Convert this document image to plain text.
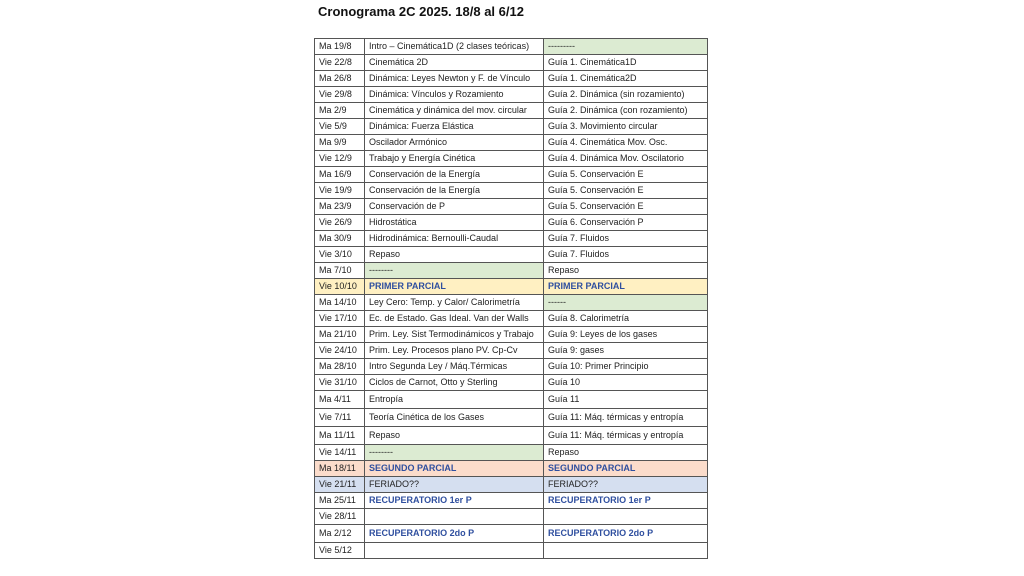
Cronograma 2C 2025. 18/8 al 6/12
Ma 19/8	Intro – Cinemática1D (2 clases teóricas)	---------
Vie 22/8	Cinemática 2D	Guía 1. Cinemática1D
Ma 26/8	Dinámica: Leyes Newton y F. de Vínculo	Guía 1. Cinemática2D
Vie 29/8	Dinámica: Vínculos y Rozamiento	Guía 2. Dinámica (sin rozamiento)
Ma 2/9	Cinemática y dinámica del mov. circular	Guía 2. Dinámica (con rozamiento)
Vie 5/9	Dinámica: Fuerza Elástica	Guía 3. Movimiento circular
Ma 9/9	Oscilador Armónico	Guía 4. Cinemática Mov. Osc.
Vie 12/9	Trabajo y Energía Cinética	Guía 4. Dinámica Mov. Oscilatorio
Ma 16/9	Conservación de la Energía	Guía 5. Conservación E
Vie 19/9	Conservación de la Energía	Guía 5. Conservación E
Ma 23/9	Conservación de P	Guía 5. Conservación E
Vie 26/9	Hidrostática	Guía 6. Conservación P
Ma 30/9	Hidrodinámica: Bernoulli-Caudal	Guía 7. Fluidos
Vie 3/10	Repaso	Guía 7. Fluidos
Ma 7/10	--------	Repaso
Vie 10/10	PRIMER PARCIAL	PRIMER PARCIAL
Ma 14/10	Ley Cero: Temp. y Calor/ Calorimetría	------
Vie 17/10	Ec. de Estado. Gas Ideal. Van der Walls	Guía 8. Calorimetría
Ma 21/10	Prim. Ley. Sist Termodinámicos y Trabajo	Guía 9: Leyes de los gases
Vie 24/10	Prim. Ley. Procesos plano PV. Cp-Cv	Guía 9: gases
Ma 28/10	Intro Segunda Ley / Máq.Térmicas	Guía 10: Primer Principio
Vie 31/10	Ciclos de Carnot, Otto y Sterling	Guía 10
Ma 4/11	Entropía	Guía 11
Vie 7/11	Teoría Cinética de los Gases	Guía 11: Máq. térmicas y entropía
Ma 11/11	Repaso	Guía 11: Máq. térmicas y entropía
Vie 14/11	--------	Repaso
Ma 18/11	SEGUNDO PARCIAL	SEGUNDO PARCIAL
Vie 21/11	FERIADO??	FERIADO??
Ma 25/11	RECUPERATORIO 1er P	RECUPERATORIO 1er P
Vie 28/11		
Ma 2/12	RECUPERATORIO 2do P	RECUPERATORIO 2do P
Vie 5/12		
